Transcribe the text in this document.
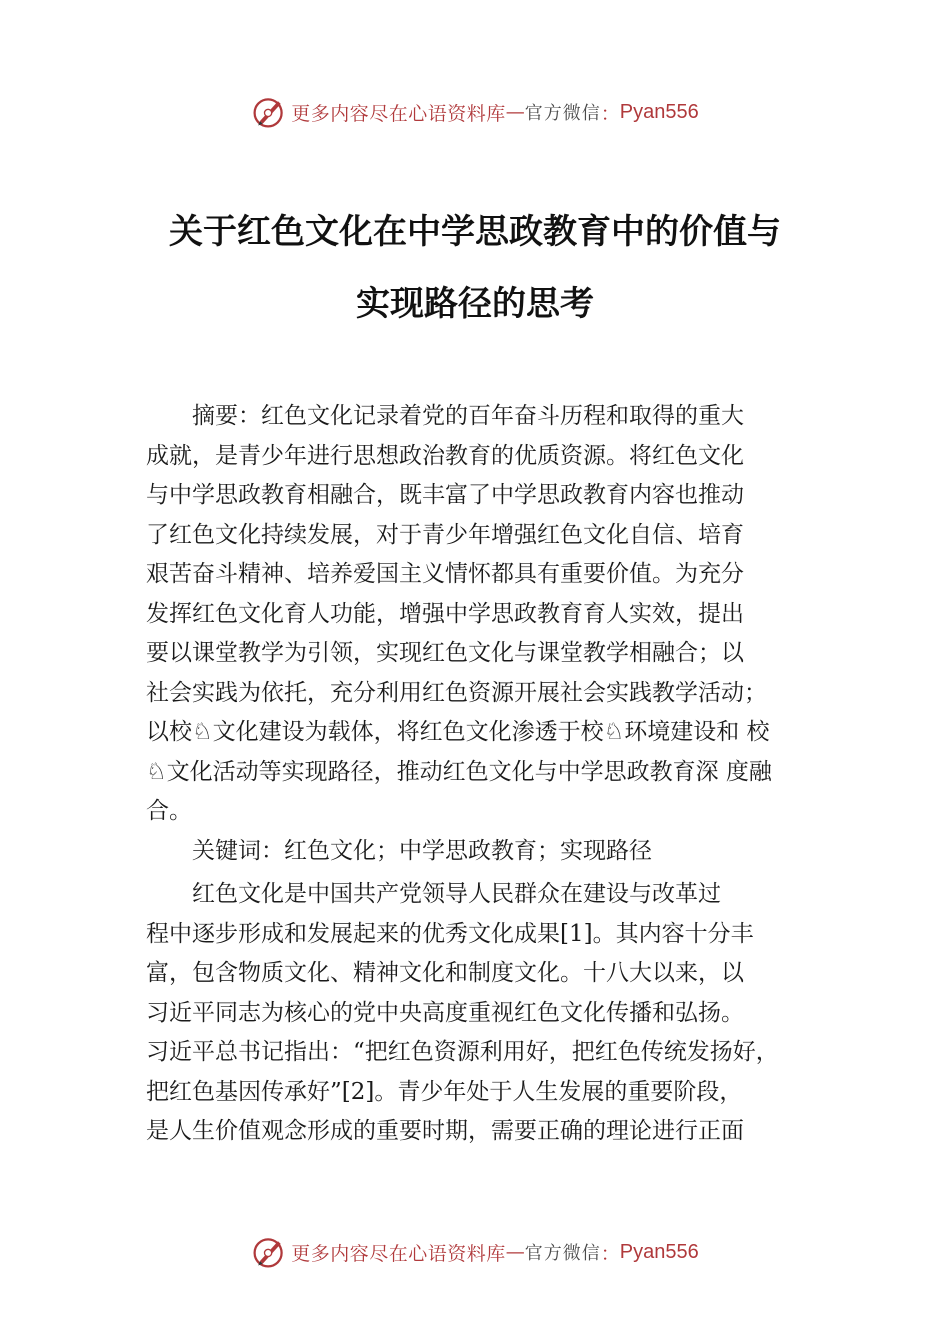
更多内容尽在心语资料库 — 官方微信 ： Pyan556
关于红色文化在中学思政教育中的价值与
实现路径的思考

　　摘要：红色文化记录着党的百年奋斗历程和取得的重大
成就，是青少年进行思想政治教育的优质资源。将红色文化
与中学思政教育相融合，既丰富了中学思政教育内容也推动
了红色文化持续发展，对于青少年增强红色文化自信、培育
艰苦奋斗精神、培养爱国主义情怀都具有重要价值。为充分
发挥红色文化育人功能，增强中学思政教育育人实效，提出
要以课堂教学为引领，实现红色文化与课堂教学相融合；以
社会实践为依托，充分利用红色资源开展社会实践教学活动；
以校♘文化建设为载体，将红色文化渗透于校♘环境建设和 校
♘文化活动等实现路径，推动红色文化与中学思政教育深 度融
合。

　　关键词：红色文化；中学思政教育；实现路径

　　红色文化是中国共产党领导人民群众在建设与改革过
程中逐步形成和发展起来的优秀文化成果[1]。其内容十分丰
富，包含物质文化、精神文化和制度文化。十八大以来，以
习近平同志为核心的党中央高度重视红色文化传播和弘扬。
习近平总书记指出：“把红色资源利用好，把红色传统发扬好，
把红色基因传承好”[2]。青少年处于人生发展的重要阶段，
是人生价值观念形成的重要时期，需要正确的理论进行正面

更多内容尽在心语资料库 — 官方微信 ： Pyan556
